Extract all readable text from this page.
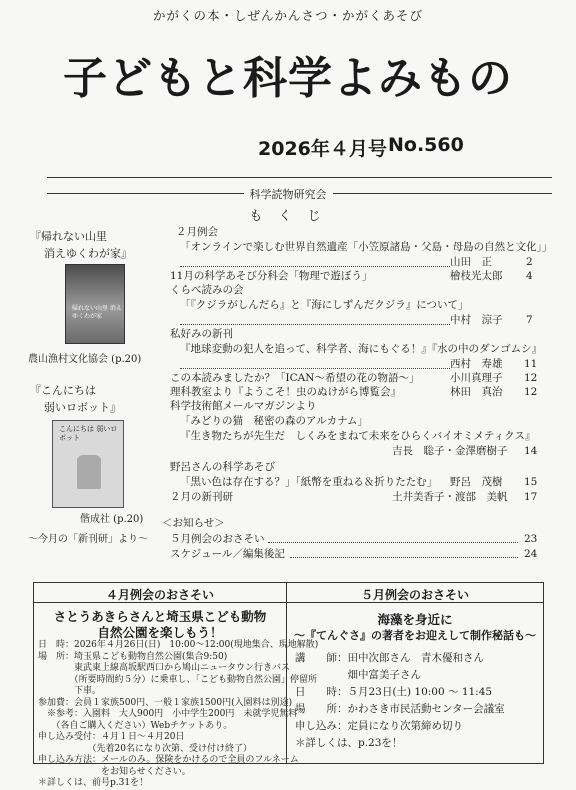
かがくの本・しぜんかんさつ・かがくあそび
子どもと科学よみもの
2026年４月号 No.560
科学読物研究会
も く じ
『帰れない山里
消えゆくわが家』
帰れない山里 消えゆくわが家
農山漁村文化協会 (p.20)
『こんにちは
弱いロボット』
こんにちは 弱いロボット
偕成社 (p.20)
～今月の「新刊研」より～
２月例会
「オンラインで楽しむ世界自然遺産「小笠原諸島・父島・母島の自然と文化」」
山田　正	2
11月の科学あそび分科会「物理で遊ぼう」	檜枝光太郎 4
くらべ読みの会
「『クジラがしんだら』と『海にしずんだクジラ』について」
中村　涼子 7
私好みの新刊
『地球変動の犯人を追って、科学者、海にもぐる！』『水の中のダンゴムシ』
西村　寿雄 11
この本読みましたか？「ICAN～希望の花の物語～」	小川真理子 12
理科教室より『ようこそ！虫のぬけがら博覧会』	林田　真治 12
科学技術館メールマガジンより
「みどりの猫　秘密の森のアルカナム」
『生き物たちが先生だ　しくみをまねて未来をひらくバイオミメティクス』
吉長　聡子・金澤磨樹子 14
野呂さんの科学あそび
「黒い色は存在する？」「紙幣を重ねる＆折りたたむ」 野呂　茂樹 15
２月の新刊研	土井美香子・渡部　美帆 17
＜お知らせ＞
５月例会のおさそい	23
スケジュール／編集後記	24
４月例会のおさそい
さとうあきらさんと埼玉県こども動物
自然公園を楽しもう！
日　時：2026年４月26日(日)　10:00～12:00(現地集合、現地解散)
場　所：埼玉県こども動物自然公園(集合9:50)
　　　　東武東上線高坂駅西口から鳩山ニュータウン行きバス
　　　　（所要時間約５分）に乗車し、「こども動物自然公園」停留所
　　　　下車。
参加費：会員１家族500円、一般１家族1500円(入園料は別途)
　※参考：入園料　大人900円　小中学生200円　未就学児無料
　　（各自ご購入ください）Webチケットあり。
申し込み受付：４月１日～４月20日
　　　　　　（先着20名になり次第、受け付け終了）
申し込み方法：メールのみ。保険をかけるので全員のフルネーム
　　　　　　　をお知らせください。
＊詳しくは、前号p.31を！
５月例会のおさそい
海藻を身近に
～『てんぐさ』の著者をお迎えして制作秘話も～
講　　師：田中次郎さん　青木優和さん
　　　　　畑中富美子さん
日　　時：５月23日(土) 10:00 ～ 11:45
場　　所：かわさき市民活動センター会議室
申し込み：定員になり次第締め切り
＊詳しくは、p.23を！
